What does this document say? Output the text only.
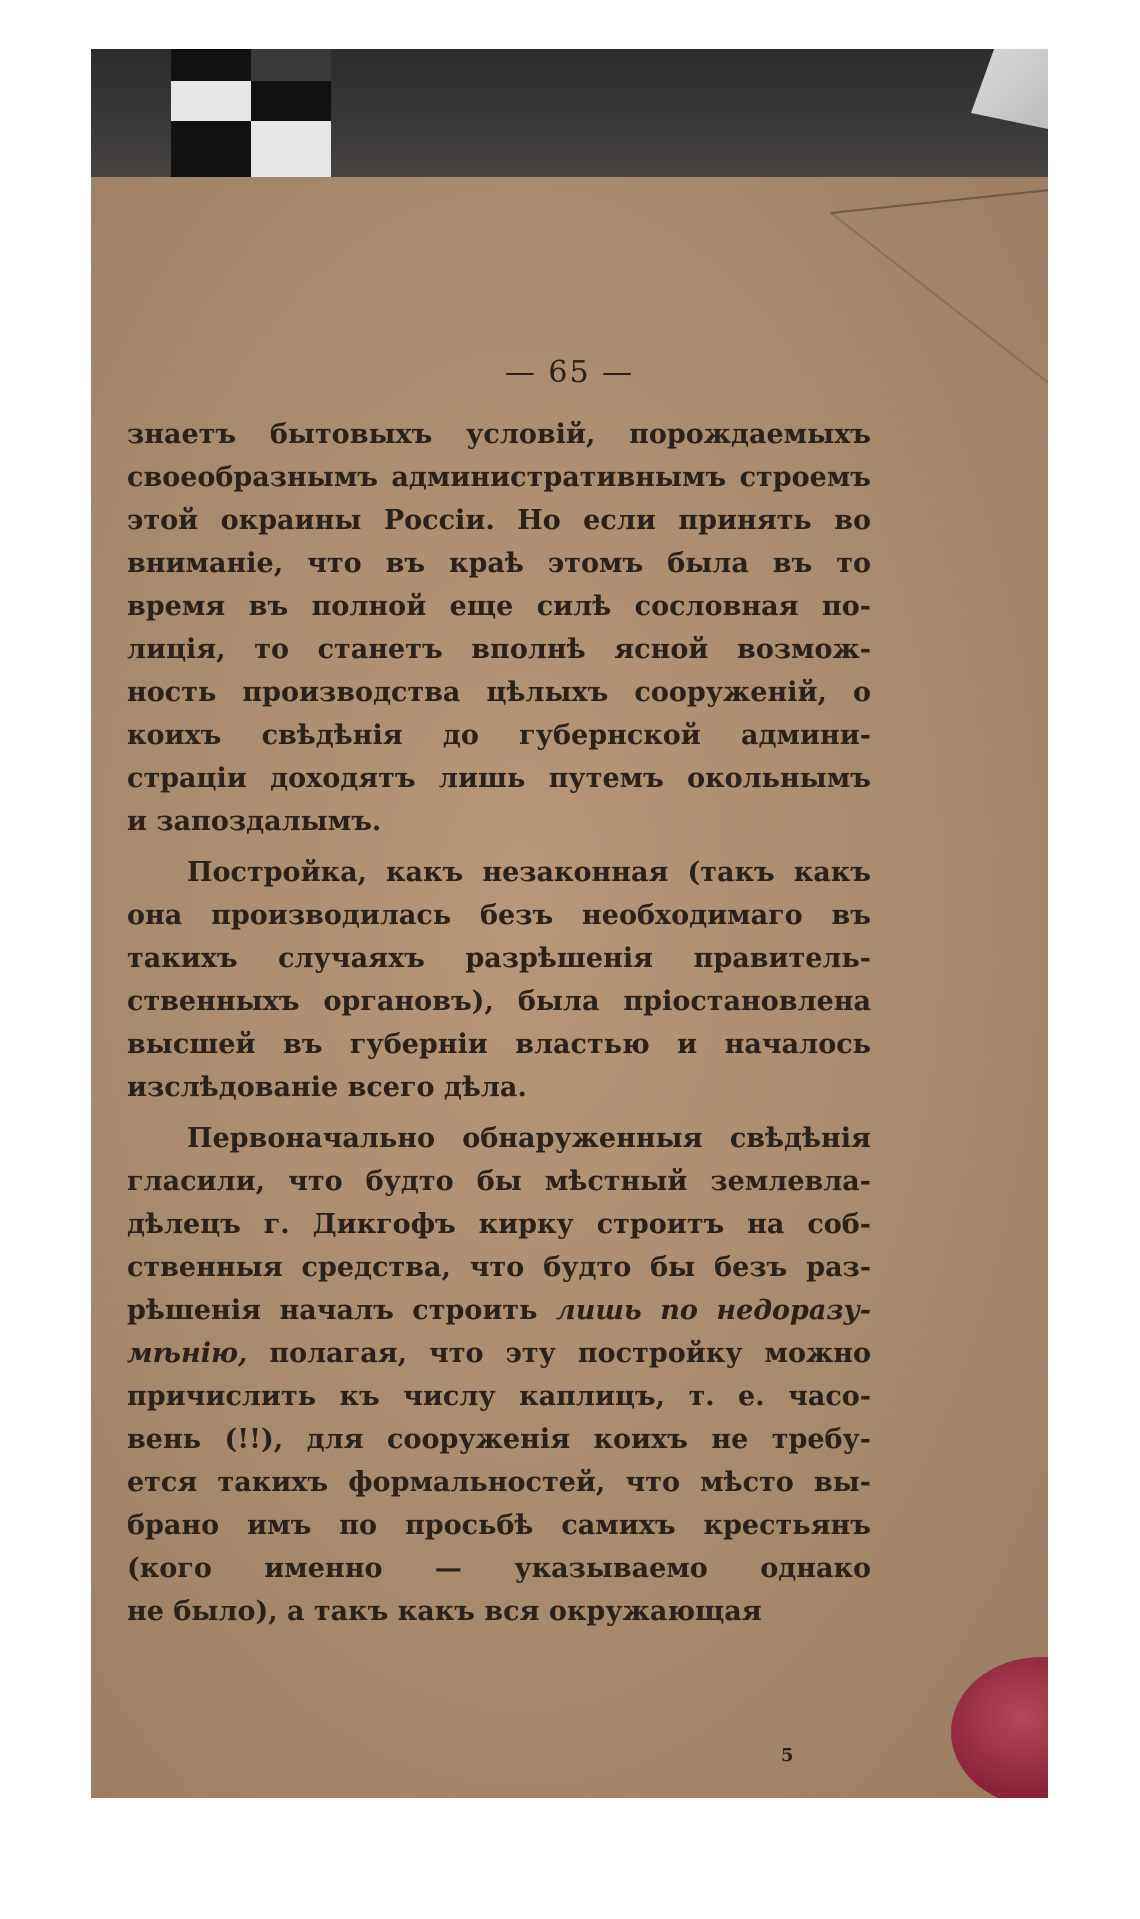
— 65 —
знаетъ бытовыхъ условій, порождаемыхъ
своеобразнымъ административнымъ строемъ
этой окраины Россіи. Но если принять во
вниманіе, что въ краѣ этомъ была въ то
время въ полной еще силѣ сословная по-
лиція, то станетъ вполнѣ ясной возмож-
ность производства цѣлыхъ сооруженій, о
коихъ свѣдѣнія до губернской админи-
страціи доходятъ лишь путемъ окольнымъ
и запоздалымъ.
Постройка, какъ незаконная (такъ какъ
она производилась безъ необходимаго въ
такихъ случаяхъ разрѣшенія правитель-
ственныхъ органовъ), была пріостановлена
высшей въ губерніи властью и началось
изслѣдованіе всего дѣла.
Первоначально обнаруженныя свѣдѣнія
гласили, что будто бы мѣстный землевла-
дѣлецъ г. Дикгофъ кирку строитъ на соб-
ственныя средства, что будто бы безъ раз-
рѣшенія началъ строить лишь по недоразу-
мѣнію, полагая, что эту постройку можно
причислить къ числу каплицъ, т. е. часо-
вень (!!), для сооруженія коихъ не требу-
ется такихъ формальностей, что мѣсто вы-
брано имъ по просьбѣ самихъ крестьянъ
(кого именно — указываемо однако
не было), а такъ какъ вся окружающая
5
